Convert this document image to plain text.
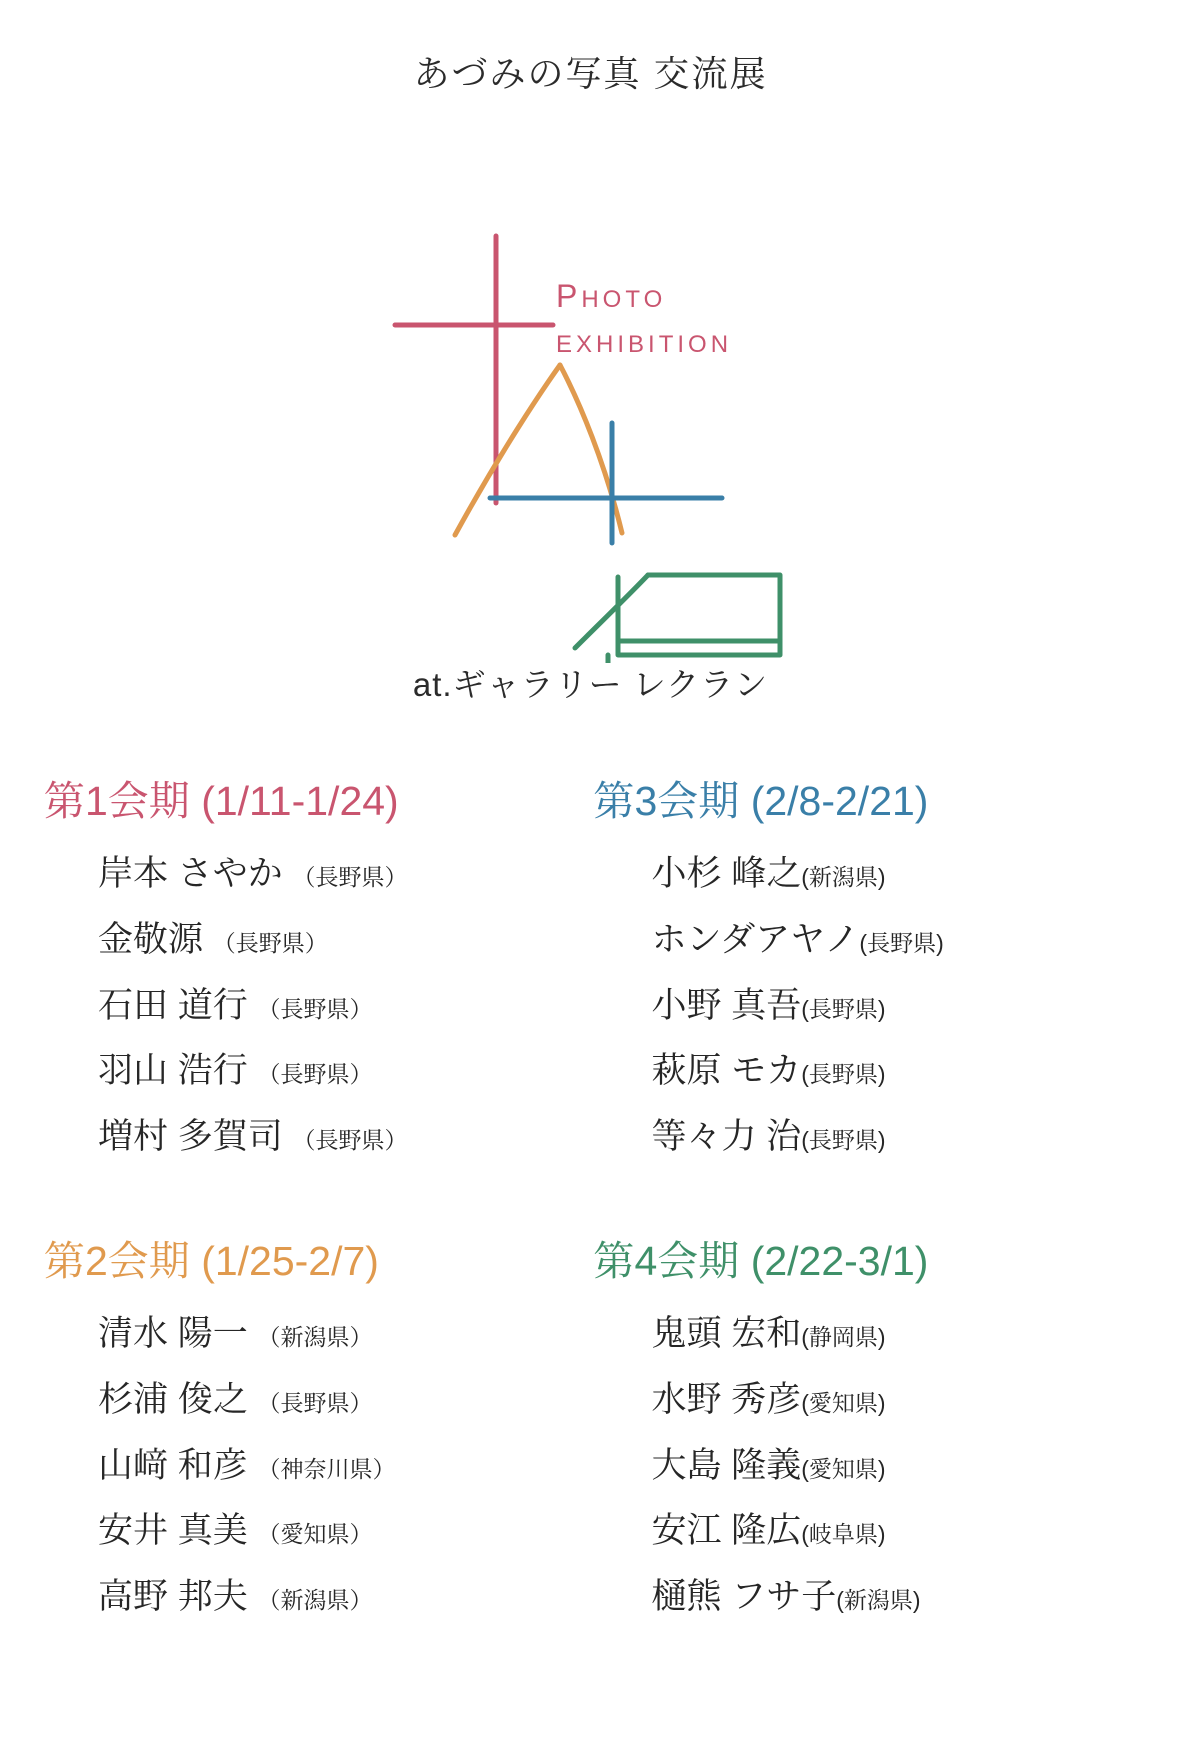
あづみの写真 交流展
PHOTO
EXHIBITION
at.ギャラリー レクラン
第1会期 (1/11-1/24)
岸本 さやか （長野県）
金敬源 （長野県）
石田 道行 （長野県）
羽山 浩行 （長野県）
増村 多賀司 （長野県）
第3会期 (2/8-2/21)
小杉 峰之(新潟県)
ホンダアヤノ(長野県)
小野 真吾(長野県)
萩原 モカ(長野県)
等々力 治(長野県)
第2会期 (1/25-2/7)
清水 陽一 （新潟県）
杉浦 俊之 （長野県）
山﨑 和彦 （神奈川県）
安井 真美 （愛知県）
高野 邦夫 （新潟県）
第4会期 (2/22-3/1)
鬼頭 宏和(静岡県)
水野 秀彦(愛知県)
大島 隆義(愛知県)
安江 隆広(岐阜県)
樋熊 フサ子(新潟県)
